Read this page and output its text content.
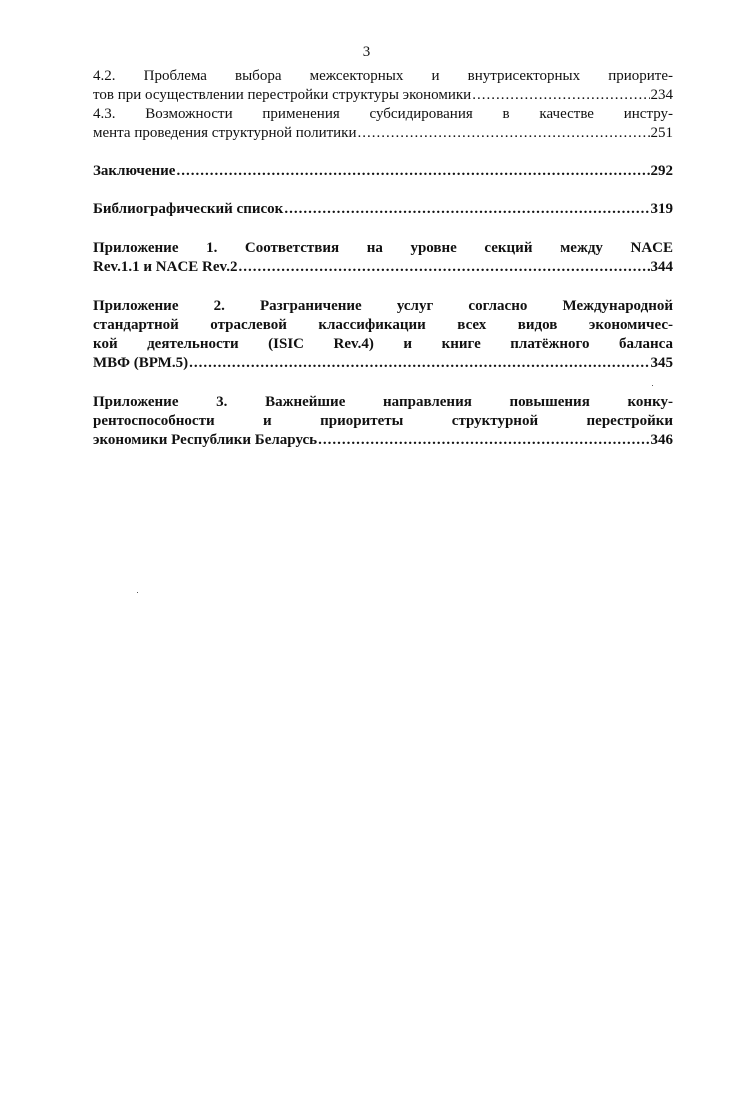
3
4.2. Проблема выбора межсекторных и внутрисекторных приорите-
тов при осуществлении перестройки структуры экономики .....	234
4.3. Возможности применения субсидирования в качестве инстру-
мента проведения структурной политики .....	251
Заключение .....	292
Библиографический список .....	319
Приложение 1. Соответствия на уровне секций между NACE
Rev.1.1 и NACE Rev.2 .....	344
Приложение 2. Разграничение услуг согласно Международной
стандартной отраслевой классификации всех видов экономичес-
кой деятельности (ISIC Rev.4) и книге платёжного баланса
МВФ (ВРМ.5) .....	345
Приложение 3. Важнейшие направления повышения конку-
рентоспособности и приоритеты структурной перестройки
экономики Республики Беларусь .....	346
